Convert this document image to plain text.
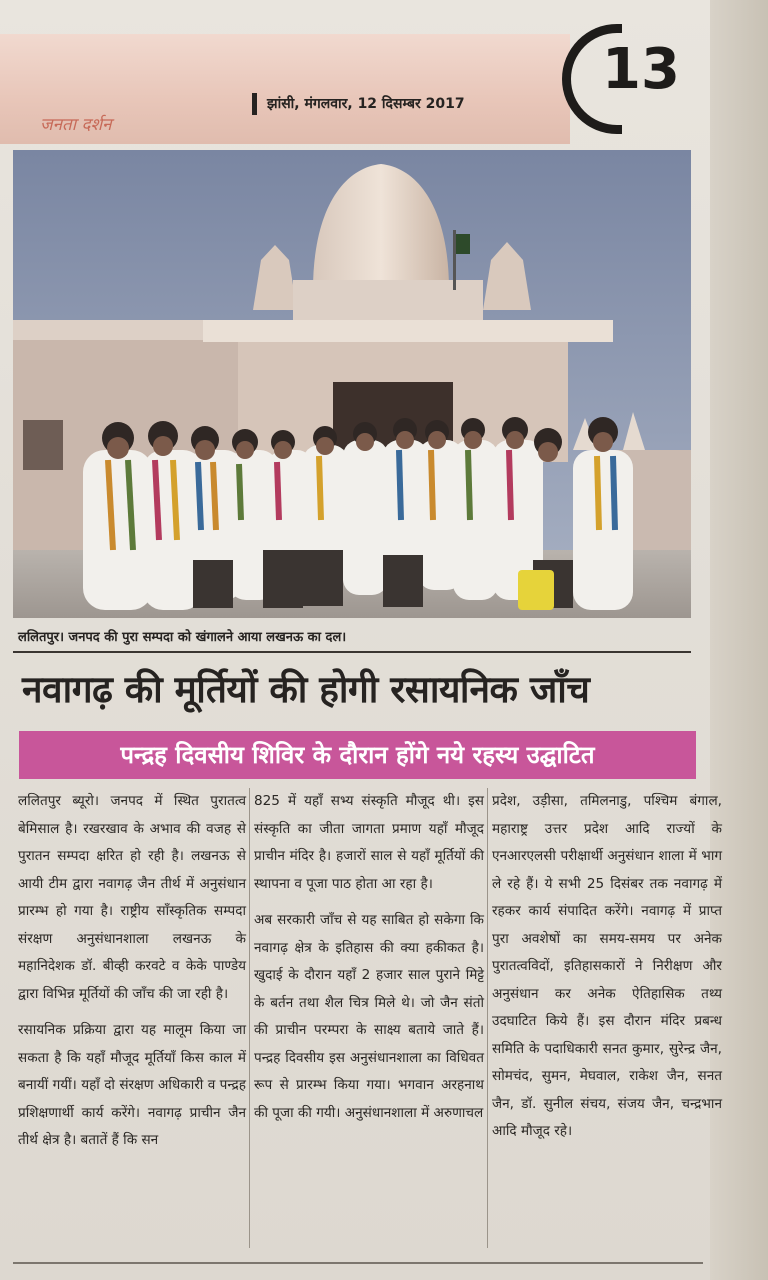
जनता दर्शन
झांसी, मंगलवार, 12 दिसम्बर 2017
13
ललितपुर। जनपद की पुरा सम्पदा को खंगालने आया लखनऊ का दल।
नवागढ़ की मूर्तियों की होगी रसायनिक जाँच
पन्द्रह दिवसीय शिविर के दौरान होंगे नये रहस्य उद्घाटित

ललितपुर ब्यूरो। जनपद में स्थित पुरातत्व बेमिसाल है। रखरखाव के अभाव की वजह से पुरातन सम्पदा क्षरित हो रही है। लखनऊ से आयी टीम द्वारा नवागढ़ जैन तीर्थ में अनुसंधान प्रारम्भ हो गया है। राष्ट्रीय साँस्कृतिक सम्पदा संरक्षण अनुसंधानशाला लखनऊ के महानिदेशक डॉ. बीव्ही करवटे व केके पाण्डेय द्वारा विभिन्न मूर्तियों की जाँच की जा रही है।

रसायनिक प्रक्रिया द्वारा यह मालूम किया जा सकता है कि यहाँ मौजूद मूर्तियाँ किस काल में बनायीं गयीं। यहाँ दो संरक्षण अधिकारी व पन्द्रह प्रशिक्षणार्थी कार्य करेंगे। नवागढ़ प्राचीन जैन तीर्थ क्षेत्र है। बतातें हैं कि सन

825 में यहाँ सभ्य संस्कृति मौजूद थी। इस संस्कृति का जीता जागता प्रमाण यहाँ मौजूद प्राचीन मंदिर है। हजारों साल से यहाँ मूर्तियों की स्थापना व पूजा पाठ होता आ रहा है।

अब सरकारी जाँच से यह साबित हो सकेगा कि नवागढ़ क्षेत्र के इतिहास की क्या हकीकत है। खुदाई के दौरान यहाँ 2 हजार साल पुराने मिट्टे के बर्तन तथा शैल चित्र मिले थे। जो जैन संतो की प्राचीन परम्परा के साक्ष्य बताये जाते हैं। पन्द्रह दिवसीय इस अनुसंधानशाला का विधिवत रूप से प्रारम्भ किया गया। भगवान अरहनाथ की पूजा की गयी। अनुसंधानशाला में अरुणाचल

प्रदेश, उड़ीसा, तमिलनाडु, पश्चिम बंगाल, महाराष्ट्र उत्तर प्रदेश आदि राज्यों के एनआरएलसी परीक्षार्थी अनुसंधान शाला में भाग ले रहे हैं। ये सभी 25 दिसंबर तक नवागढ़ में रहकर कार्य संपादित करेंगे। नवागढ़ में प्राप्त पुरा अवशेषों का समय-समय पर अनेक पुरातत्वविदों, इतिहासकारों ने निरीक्षण और अनुसंधान कर अनेक ऐतिहासिक तथ्य उदघाटित किये हैं। इस दौरान मंदिर प्रबन्ध समिति के पदाधिकारी सनत कुमार, सुरेन्द्र जैन, सोमचंद, सुमन, मेघवाल, राकेश जैन, सनत जैन, डॉ. सुनील संचय, संजय जैन, चन्द्रभान आदि मौजूद रहे।
